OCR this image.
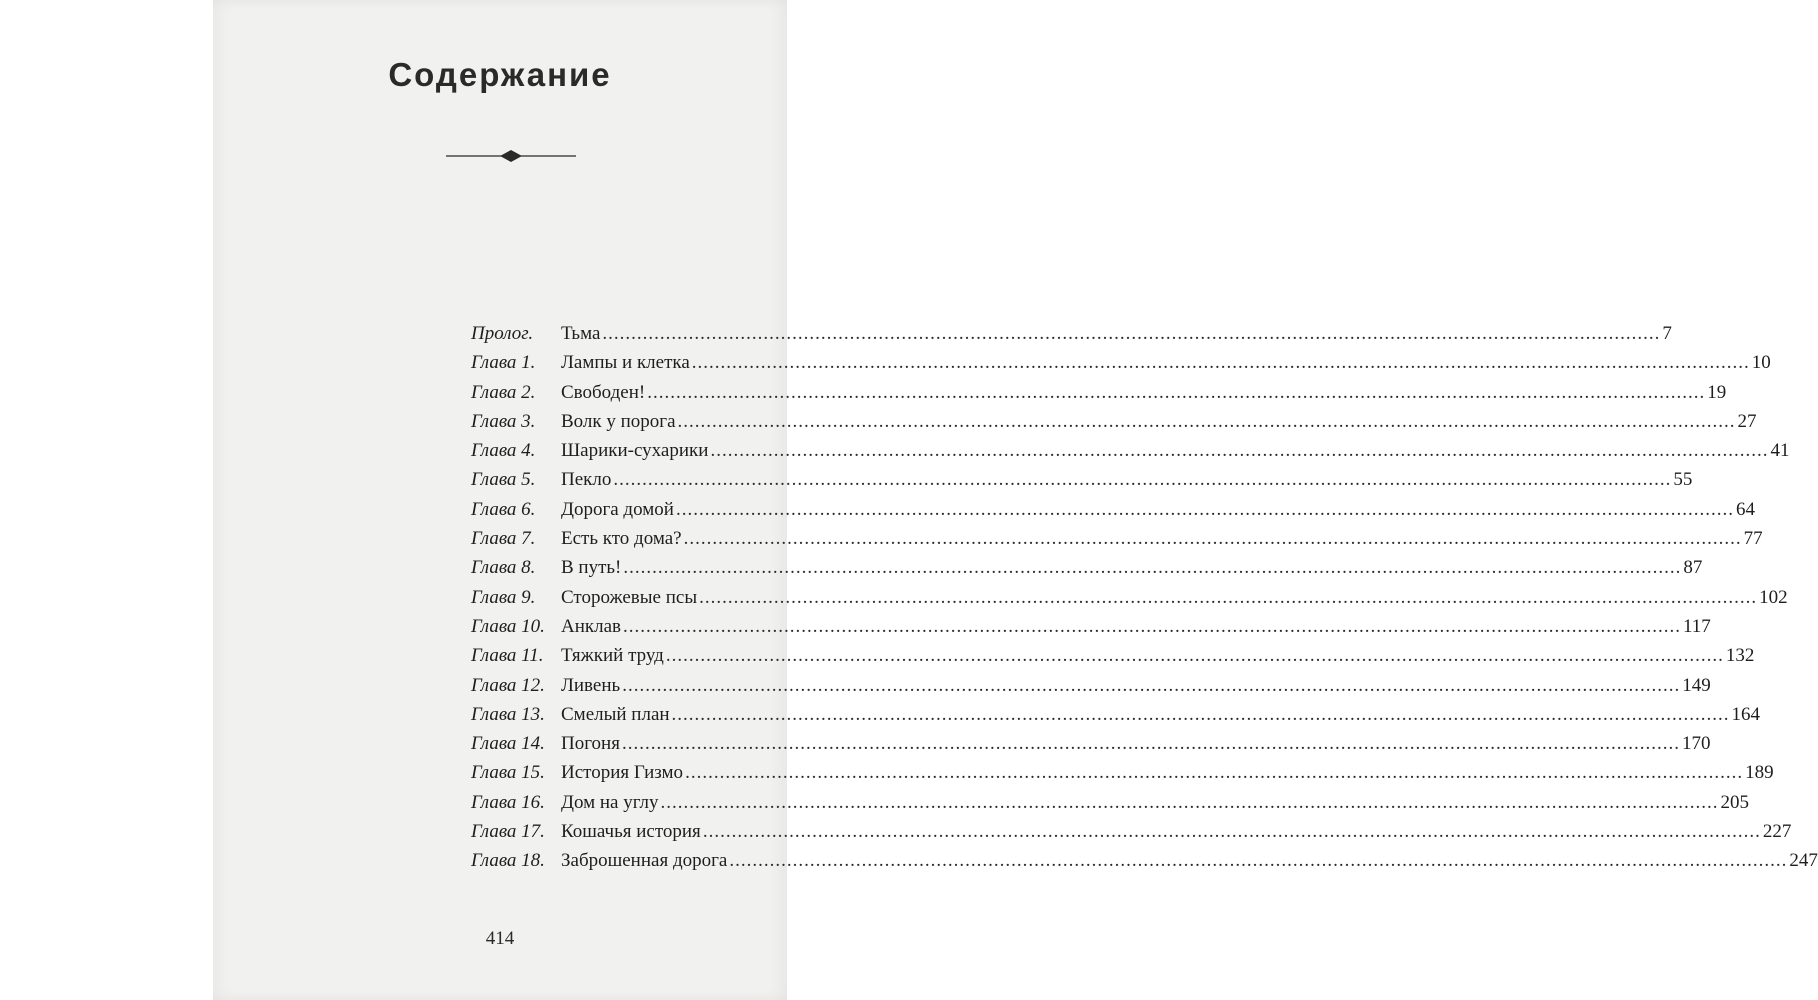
Содержание
Пролог.	Тьма .....	7
Глава 1.	Лампы и клетка .....	10
Глава 2.	Свободен! .....	19
Глава 3.	Волк у порога .....	27
Глава 4.	Шарики-сухарики .....	41
Глава 5.	Пекло .....	55
Глава 6.	Дорога домой .....	64
Глава 7.	Есть кто дома? .....	77
Глава 8.	В путь! .....	87
Глава 9.	Сторожевые псы .....	102
Глава 10. Анклав .....	117
Глава 11. Тяжкий труд .....	132
Глава 12. Ливень .....	149
Глава 13. Смелый план .....	164
Глава 14. Погоня .....	170
Глава 15. История Гизмо .....	189
Глава 16. Дом на углу .....	205
Глава 17. Кошачья история .....	227
Глава 18. Заброшенная дорога .....	247
414
